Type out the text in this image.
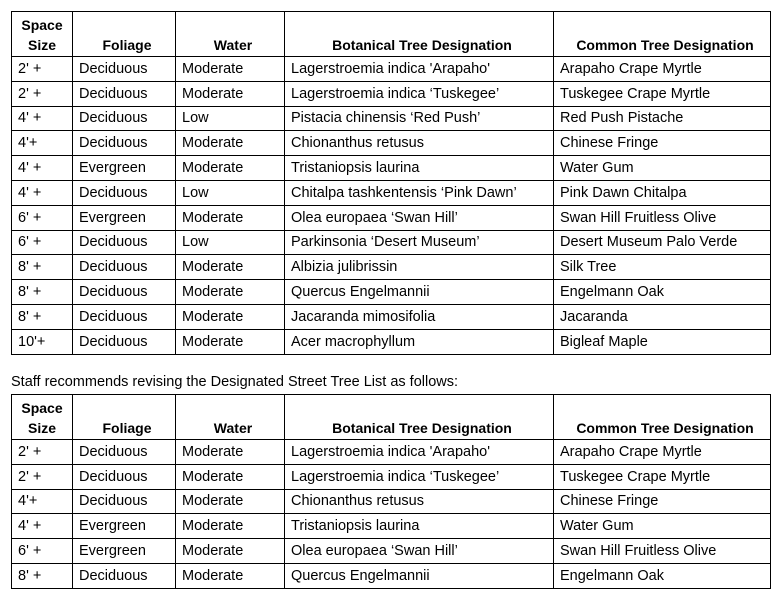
Space
Size	Foliage	Water	Botanical Tree Designation	Common Tree Designation
2' +	Deciduous	Moderate	Lagerstroemia indica 'Arapaho'	Arapaho Crape Myrtle
2' +	Deciduous	Moderate	Lagerstroemia indica ‘Tuskegee’	Tuskegee Crape Myrtle
4' +	Deciduous	Low	Pistacia chinensis ‘Red Push’	Red Push Pistache
4'+	Deciduous	Moderate	Chionanthus retusus	Chinese Fringe
4' +	Evergreen	Moderate	Tristaniopsis laurina	Water Gum
4' +	Deciduous	Low	Chitalpa tashkentensis ‘Pink Dawn’	Pink Dawn Chitalpa
6' +	Evergreen	Moderate	Olea europaea ‘Swan Hill’	Swan Hill Fruitless Olive
6' +	Deciduous	Low	Parkinsonia ‘Desert Museum’	Desert Museum Palo Verde
8' +	Deciduous	Moderate	Albizia julibrissin	Silk Tree
8' +	Deciduous	Moderate	Quercus Engelmannii	Engelmann Oak
8' +	Deciduous	Moderate	Jacaranda mimosifolia	Jacaranda
10'+	Deciduous	Moderate	Acer macrophyllum	Bigleaf Maple
Staff recommends revising the Designated Street Tree List as follows:
Space
Size	Foliage	Water	Botanical Tree Designation	Common Tree Designation
2' +	Deciduous	Moderate	Lagerstroemia indica 'Arapaho'	Arapaho Crape Myrtle
2' +	Deciduous	Moderate	Lagerstroemia indica ‘Tuskegee’	Tuskegee Crape Myrtle
4'+	Deciduous	Moderate	Chionanthus retusus	Chinese Fringe
4' +	Evergreen	Moderate	Tristaniopsis laurina	Water Gum
6' +	Evergreen	Moderate	Olea europaea ‘Swan Hill’	Swan Hill Fruitless Olive
8' +	Deciduous	Moderate	Quercus Engelmannii	Engelmann Oak
